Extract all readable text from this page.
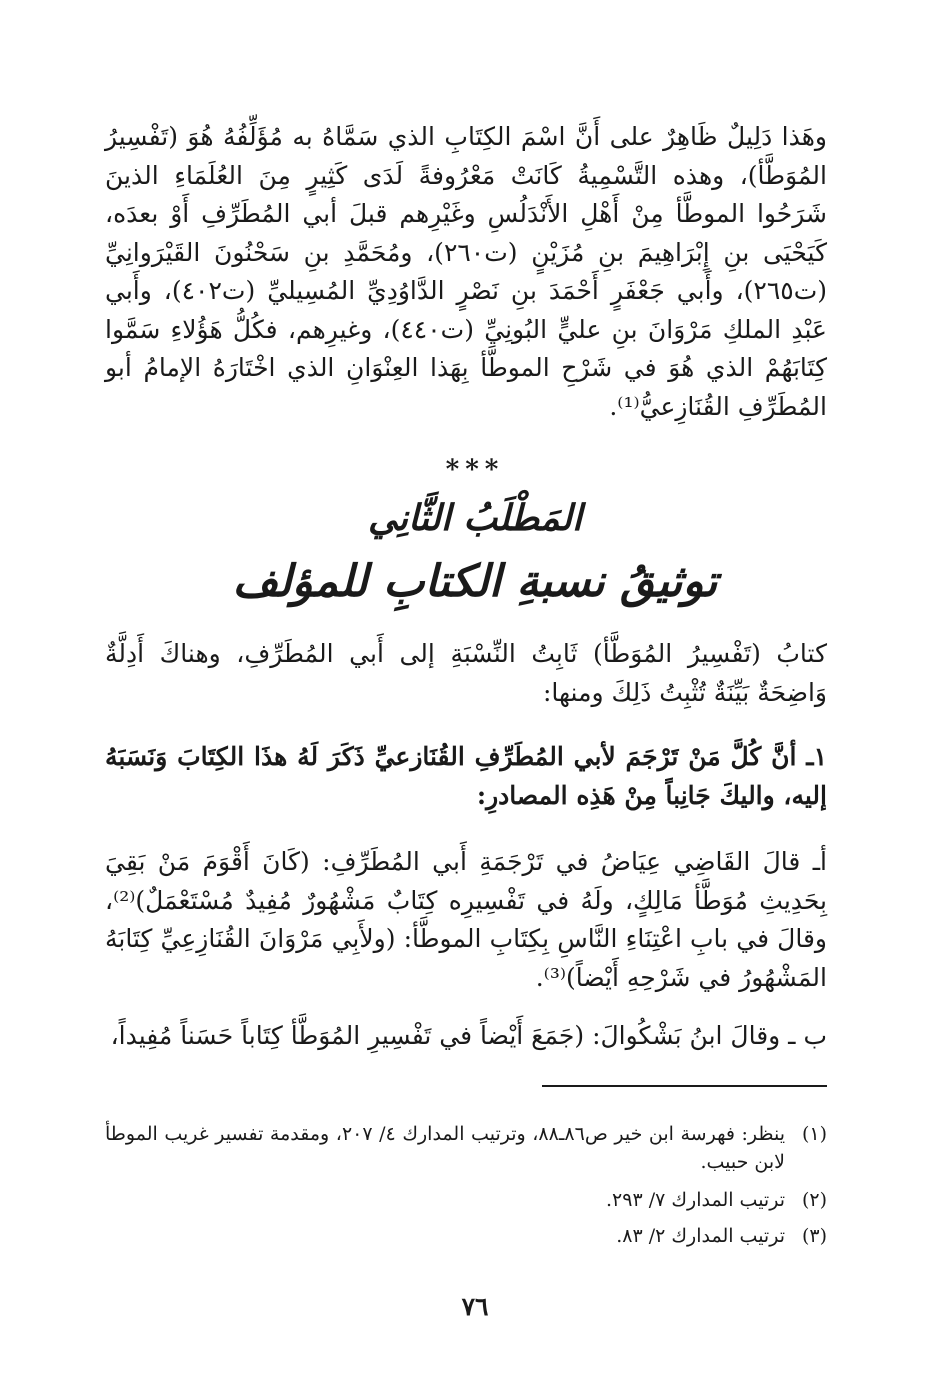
وهَذا دَلِيلٌ ظَاهِرٌ على أَنَّ اسْمَ الكِتَابِ الذي سَمَّاهُ به مُؤَلِّفُهُ هُوَ (تَفْسِيرُ المُوَطَّأ)، وهذه التَّسْمِيةُ كَانَتْ مَعْرُوفةً لَدَى كَثِيرٍ مِنَ العُلَمَاءِ الذينَ شَرَحُوا الموطَّأ مِنْ أَهْلِ الأَنْدَلُسِ وغَيْرِهم قبلَ أبي المُطَرِّفِ أَوْ بعدَه، كَيَحْيَى بنِ إِبْرَاهِيمَ بنِ مُزَيْنٍ (ت٢٦٠)، ومُحَمَّدِ بنِ سَحْنُونَ القَيْرَوانِيِّ (ت٢٦٥)، وأَبي جَعْفَرٍ أَحْمَدَ بنِ نَصْرٍ الدَّاوُدِيِّ المُسِيليِّ (ت٤٠٢)، وأَبي عَبْدِ الملكِ مَرْوَانَ بنِ عليٍّ البُونِيِّ (ت٤٤٠)، وغيرِهم، فكُلُّ هَؤُلاءِ سَمَّوا كِتَابَهُمْ الذي هُوَ في شَرْحِ الموطَّأ بِهَذا العِنْوَانِ الذي اخْتَارَهُ الإمامُ أبو المُطَرِّفِ القُنَازِعيُّ⁽¹⁾.
***
المَطْلَبُ الثَّانِي
توثيقُ نسبةِ الكتابِ للمؤلف
كتابُ (تَفْسِيرُ المُوَطَّأ) ثَابِتُ النِّسْبَةِ إلى أَبي المُطَرِّفِ، وهناكَ أَدِلَّةٌ وَاضِحَةٌ بَيِّنَةٌ تُثْبِتُ ذَلِكَ ومنها:
١ـ أنَّ كُلَّ مَنْ تَرْجَمَ لأبي المُطَرِّفِ القُنَازعيِّ ذَكَرَ لَهُ هذَا الكِتَابَ وَنَسَبَهُ إليه، واليكَ جَانِباً مِنْ هَذِه المصادرِ:
أـ قالَ القَاضِي عِيَاضُ في تَرْجَمَةِ أَبي المُطَرِّفِ: (كَانَ أَقْوَمَ مَنْ بَقِيَ بِحَدِيثِ مُوَطَّأ مَالِكٍ، ولَهُ في تَفْسِيرِه كِتَابٌ مَشْهُورٌ مُفِيدٌ مُسْتَعْمَلٌ)⁽²⁾، وقالَ في بابِ اعْتِنَاءِ النَّاسِ بِكِتَابِ الموطَّأ: (ولأَبِي مَرْوَانَ القُنَازِعِيِّ كِتَابَهُ المَشْهُورُ في شَرْحِهِ أَيْضاً)⁽³⁾.
ب ـ وقالَ ابنُ بَشْكُوالَ: (جَمَعَ أَيْضاً في تَفْسِيرِ المُوَطَّأ كِتَاباً حَسَناً مُفِيداً،
(١)
ينظر: فهرسة ابن خير ص٨٦ـ٨٨، وترتيب المدارك ٤/ ٢٠٧، ومقدمة تفسير غريب الموطأ لابن حبيب.
(٢)
ترتيب المدارك ٧/ ٢٩٣.
(٣)
ترتيب المدارك ٢/ ٨٣.
٧٦
